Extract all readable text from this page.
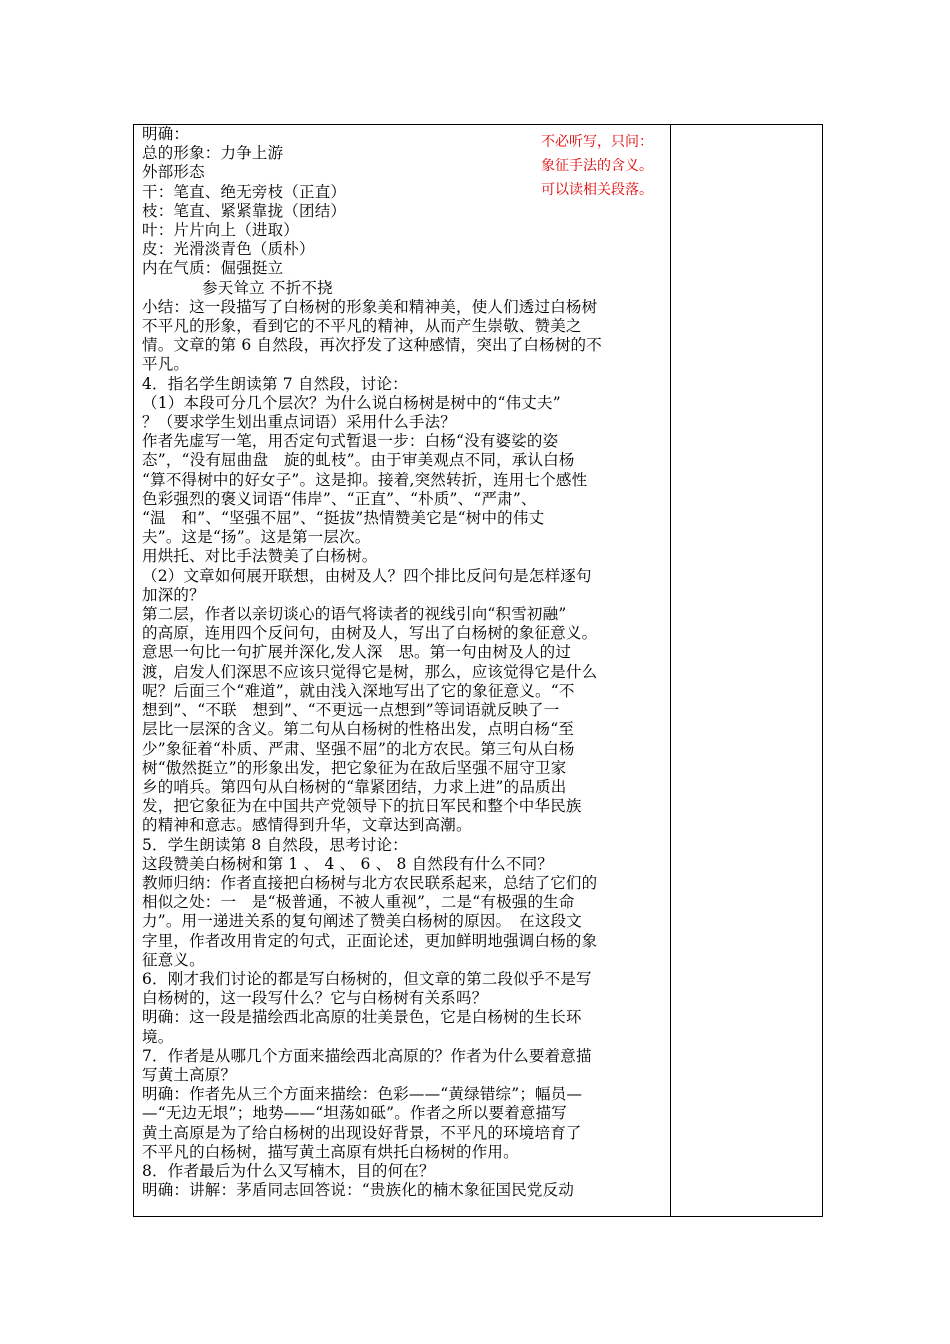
明确：
总的形象：力争上游
外部形态
干：笔直、绝无旁枝（正直）
枝：笔直、紧紧靠拢（团结）
叶：片片向上（进取）
皮：光滑淡青色（质朴）
内在气质：倔强挺立
参天耸立 不折不挠
小结：这一段描写了白杨树的形象美和精神美，使人们透过白杨树
不平凡的形象，看到它的不平凡的精神，从而产生崇敬、赞美之
情。文章的第 6 自然段，再次抒发了这种感情，突出了白杨树的不
平凡。
4．指名学生朗读第 7 自然段，讨论：
（1）本段可分几个层次？为什么说白杨树是树中的“伟丈夫”
？（要求学生划出重点词语）采用什么手法？
作者先虚写一笔，用否定句式暂退一步：白杨“没有婆娑的姿
态”，“没有屈曲盘　旋的虬枝”。由于审美观点不同，承认白杨
“算不得树中的好女子”。这是抑。接着,突然转折，连用七个感性
色彩强烈的褒义词语“伟岸”、“正直”、“朴质”、“严肃”、
“温　和”、“坚强不屈”、“挺拔”热情赞美它是“树中的伟丈
夫”。这是“扬”。这是第一层次。
用烘托、对比手法赞美了白杨树。
（2）文章如何展开联想，由树及人？四个排比反问句是怎样逐句
加深的？
第二层，作者以亲切谈心的语气将读者的视线引向“积雪初融”
的高原，连用四个反问句，由树及人，写出了白杨树的象征意义。
意思一句比一句扩展并深化,发人深　思。第一句由树及人的过
渡，启发人们深思不应该只觉得它是树，那么，应该觉得它是什么
呢？后面三个“难道”，就由浅入深地写出了它的象征意义。“不
想到”、“不联　想到”、“不更远一点想到”等词语就反映了一
层比一层深的含义。第二句从白杨树的性格出发，点明白杨“至
少”象征着“朴质、严肃、坚强不屈”的北方农民。第三句从白杨
树“傲然挺立”的形象出发，把它象征为在敌后坚强不屈守卫家
乡的哨兵。第四句从白杨树的“靠紧团结，力求上进”的品质出
发，把它象征为在中国共产党领导下的抗日军民和整个中华民族
的精神和意志。感情得到升华，文章达到高潮。
5．学生朗读第 8 自然段，思考讨论：
这段赞美白杨树和第 1 、 4 、 6 、 8 自然段有什么不同？
教师归纳：作者直接把白杨树与北方农民联系起来，总结了它们的
相似之处：一　是“极普通，不被人重视”，二是“有极强的生命
力”。用一递进关系的复句阐述了赞美白杨树的原因。　在这段文
字里，作者改用肯定的句式，正面论述，更加鲜明地强调白杨的象
征意义。
6．刚才我们讨论的都是写白杨树的，但文章的第二段似乎不是写
白杨树的，这一段写什么？它与白杨树有关系吗？
明确：这一段是描绘西北高原的壮美景色，它是白杨树的生长环
境。
7．作者是从哪几个方面来描绘西北高原的？作者为什么要着意描
写黄土高原？
明确：作者先从三个方面来描绘：色彩——“黄绿错综”；幅员—
—“无边无垠”；地势——“坦荡如砥”。作者之所以要着意描写
黄土高原是为了给白杨树的出现设好背景，不平凡的环境培育了
不平凡的白杨树，描写黄土高原有烘托白杨树的作用。
8．作者最后为什么又写楠木，目的何在？
明确：讲解：茅盾同志回答说：“贵族化的楠木象征国民党反动
不必听写，只问：
象征手法的含义。
可以读相关段落。
